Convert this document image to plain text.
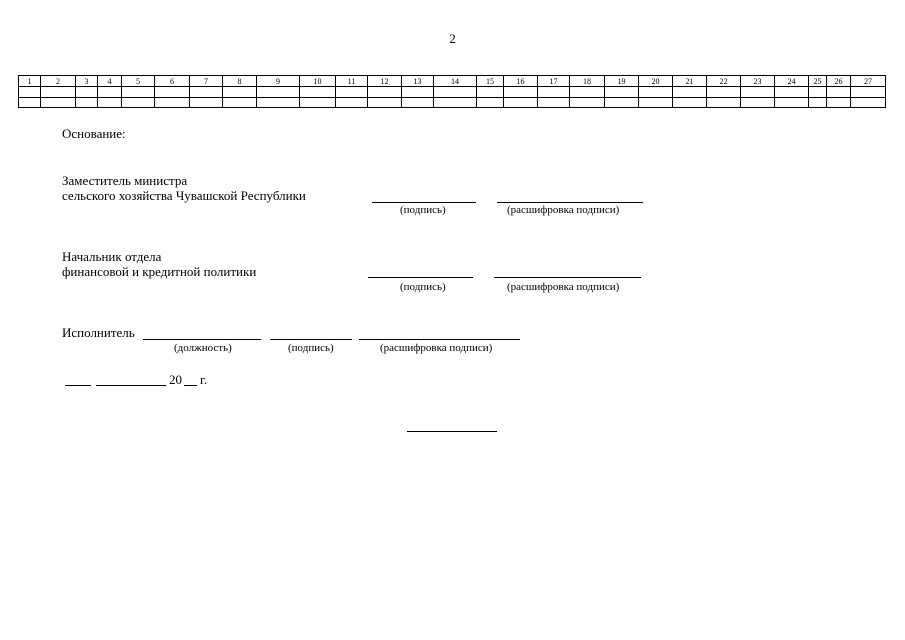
2
1	2	3	4	5	6	7	8	9	10	11	12	13	14	15	16	17	18	19	20	21	22	23	24	25	26	27

Основание:
Заместитель министра
сельского хозяйства Чувашской Республики
(подпись)	(расшифровка подписи)
Начальник отдела
финансовой и кредитной политики
(подпись)	(расшифровка подписи)
Исполнитель
(должность)	(подпись)	(расшифровка подписи)
20 г.
